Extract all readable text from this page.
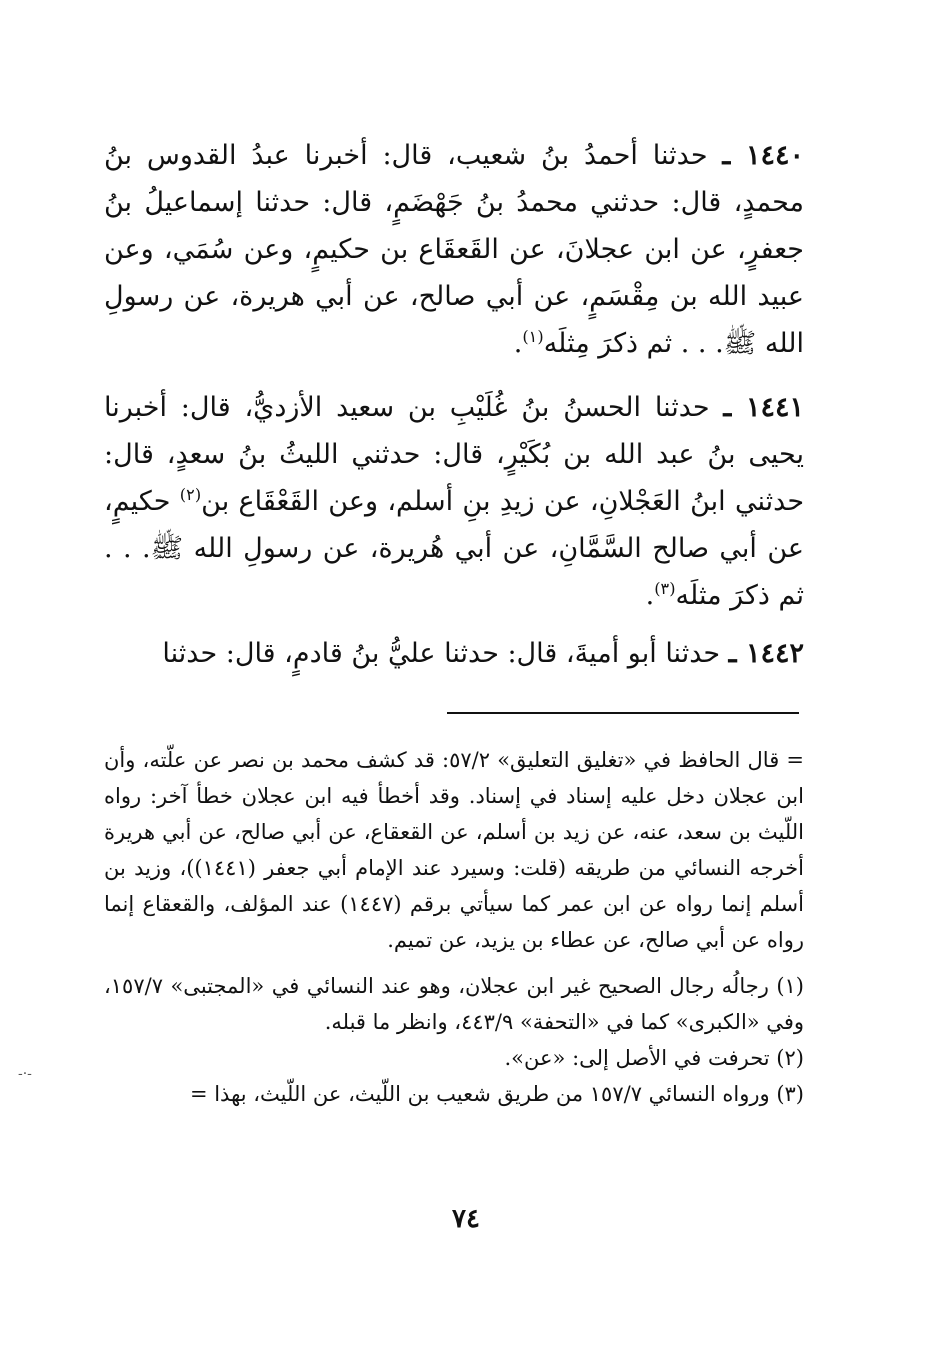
١٤٤٠ ـ حدثنا أحمدُ بنُ شعيب، قال: أخبرنا عبدُ القدوس بنُ محمدٍ، قال: حدثني محمدُ بنُ جَهْضَمٍ، قال: حدثنا إسماعيلُ بنُ جعفرٍ، عن ابن عجلانَ، عن القَعقَاع بن حكيمٍ، وعن سُمَي، وعن عبيد الله بن مِقْسَمٍ، عن أبي صالح، عن أبي هريرة، عن رسولِ الله ﷺ. . . ثم ذكرَ مِثلَه$^{(١)}$.

١٤٤١ ـ حدثنا الحسنُ بنُ غُلَيْبِ بن سعيد الأزديُّ، قال: أخبرنا يحيى بنُ عبد الله بن بُكَيْرٍ، قال: حدثني الليثُ بنُ سعدٍ، قال: حدثني ابنُ العَجْلانِ، عن زيدِ بنِ أسلم، وعن القَعْقَاع بن$^{(٢)}$ حكيمٍ، عن أبي صالح السَّمَّانِ، عن أبي هُريرة، عن رسولِ الله ﷺ. . . ثم ذكرَ مثلَه$^{(٣)}$.

١٤٤٢ ـ حدثنا أبو أميةَ، قال: حدثنا عليُّ بنُ قادمٍ، قال: حدثنا

= قال الحافظ في «تغليق التعليق» ٥٧/٢: قد كشف محمد بن نصر عن علّته، وأن ابن عجلان دخل عليه إسناد في إسناد. وقد أخطأ فيه ابن عجلان خطأ آخر: رواه اللّيث بن سعد، عنه، عن زيد بن أسلم، عن القعقاع، عن أبي صالح، عن أبي هريرة أخرجه النسائي من طريقه (قلت: وسيرد عند الإمام أبي جعفر (١٤٤١))، وزيد بن أسلم إنما رواه عن ابن عمر كما سيأتي برقم (١٤٤٧) عند المؤلف، والقعقاع إنما رواه عن أبي صالح، عن عطاء بن يزيد، عن تميم.

(١) رجالُه رجال الصحيح غير ابن عجلان، وهو عند النسائي في «المجتبى» ١٥٧/٧، وفي «الكبرى» كما في «التحفة» ٤٤٣/٩، وانظر ما قبله.

(٢) تحرفت في الأصل إلى: «عن».

(٣) ورواه النسائي ١٥٧/٧ من طريق شعيب بن اللّيث، عن اللّيث، بهذا =

-·-
٧٤
